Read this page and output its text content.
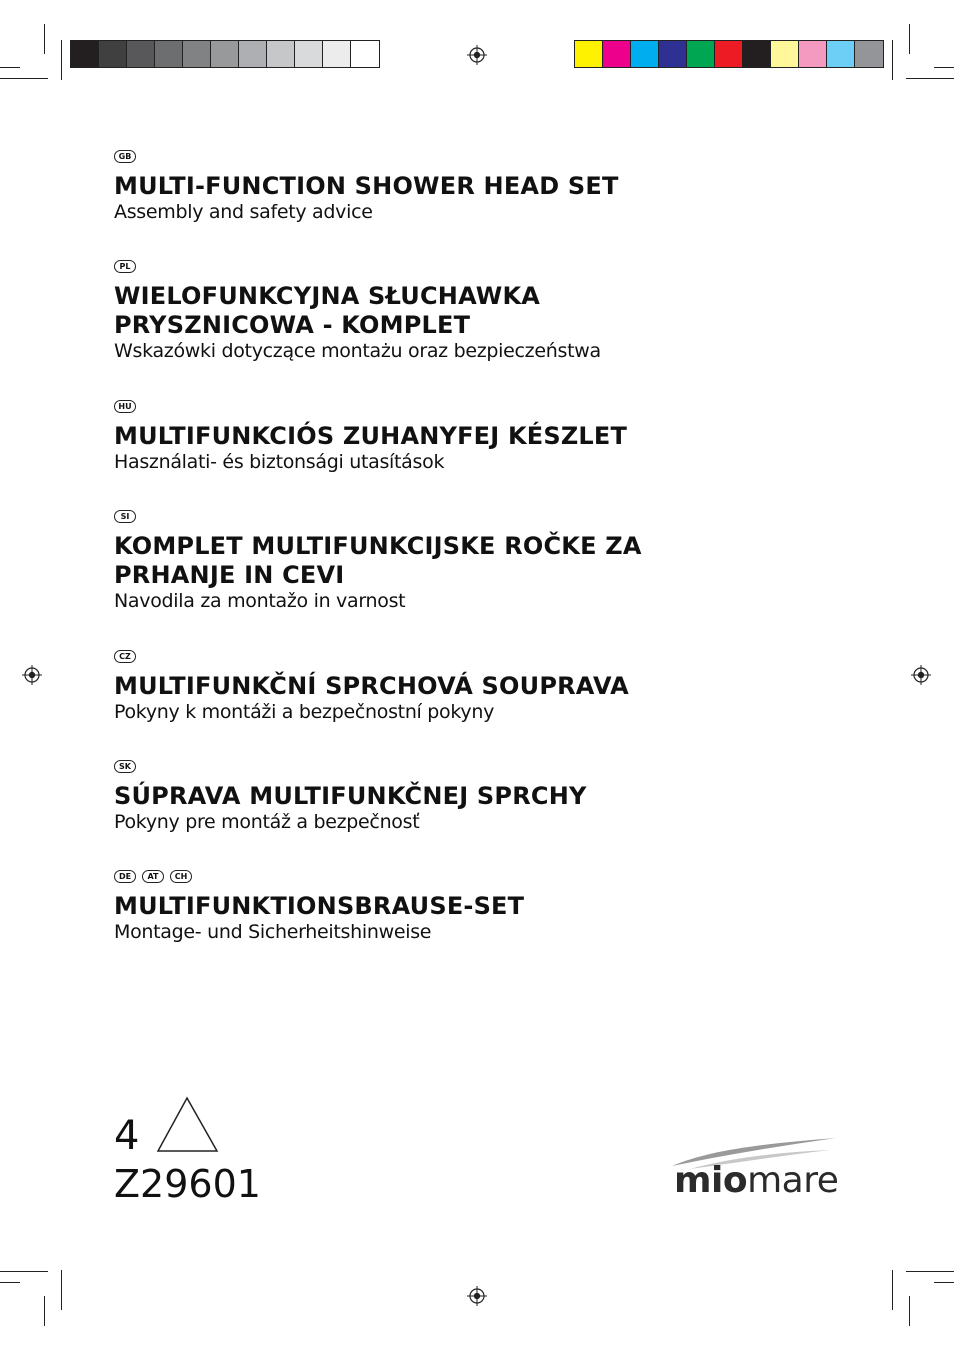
GB
MULTI-FUNCTION SHOWER HEAD SET
Assembly and safety advice
PL
WIELOFUNKCYJNA SŁUCHAWKA PRYSZNICOWA - KOMPLET
Wskazówki dotyczące montażu oraz bezpieczeństwa
HU
MULTIFUNKCIÓS ZUHANYFEJ KÉSZLET
Használati- és biztonsági utasítások
SI
KOMPLET MULTIFUNKCIJSKE ROČKE ZA PRHANJE IN CEVI
Navodila za montažo in varnost
CZ
MULTIFUNKČNÍ SPRCHOVÁ SOUPRAVA
Pokyny k montáži a bezpečnostní pokyny
SK
SÚPRAVA MULTIFUNKČNEJ SPRCHY
Pokyny pre montáž a bezpečnosť
DE	AT	CH
MULTIFUNKTIONSBRAUSE-SET
Montage- und Sicherheitshinweise
4
Z29601	miomare
